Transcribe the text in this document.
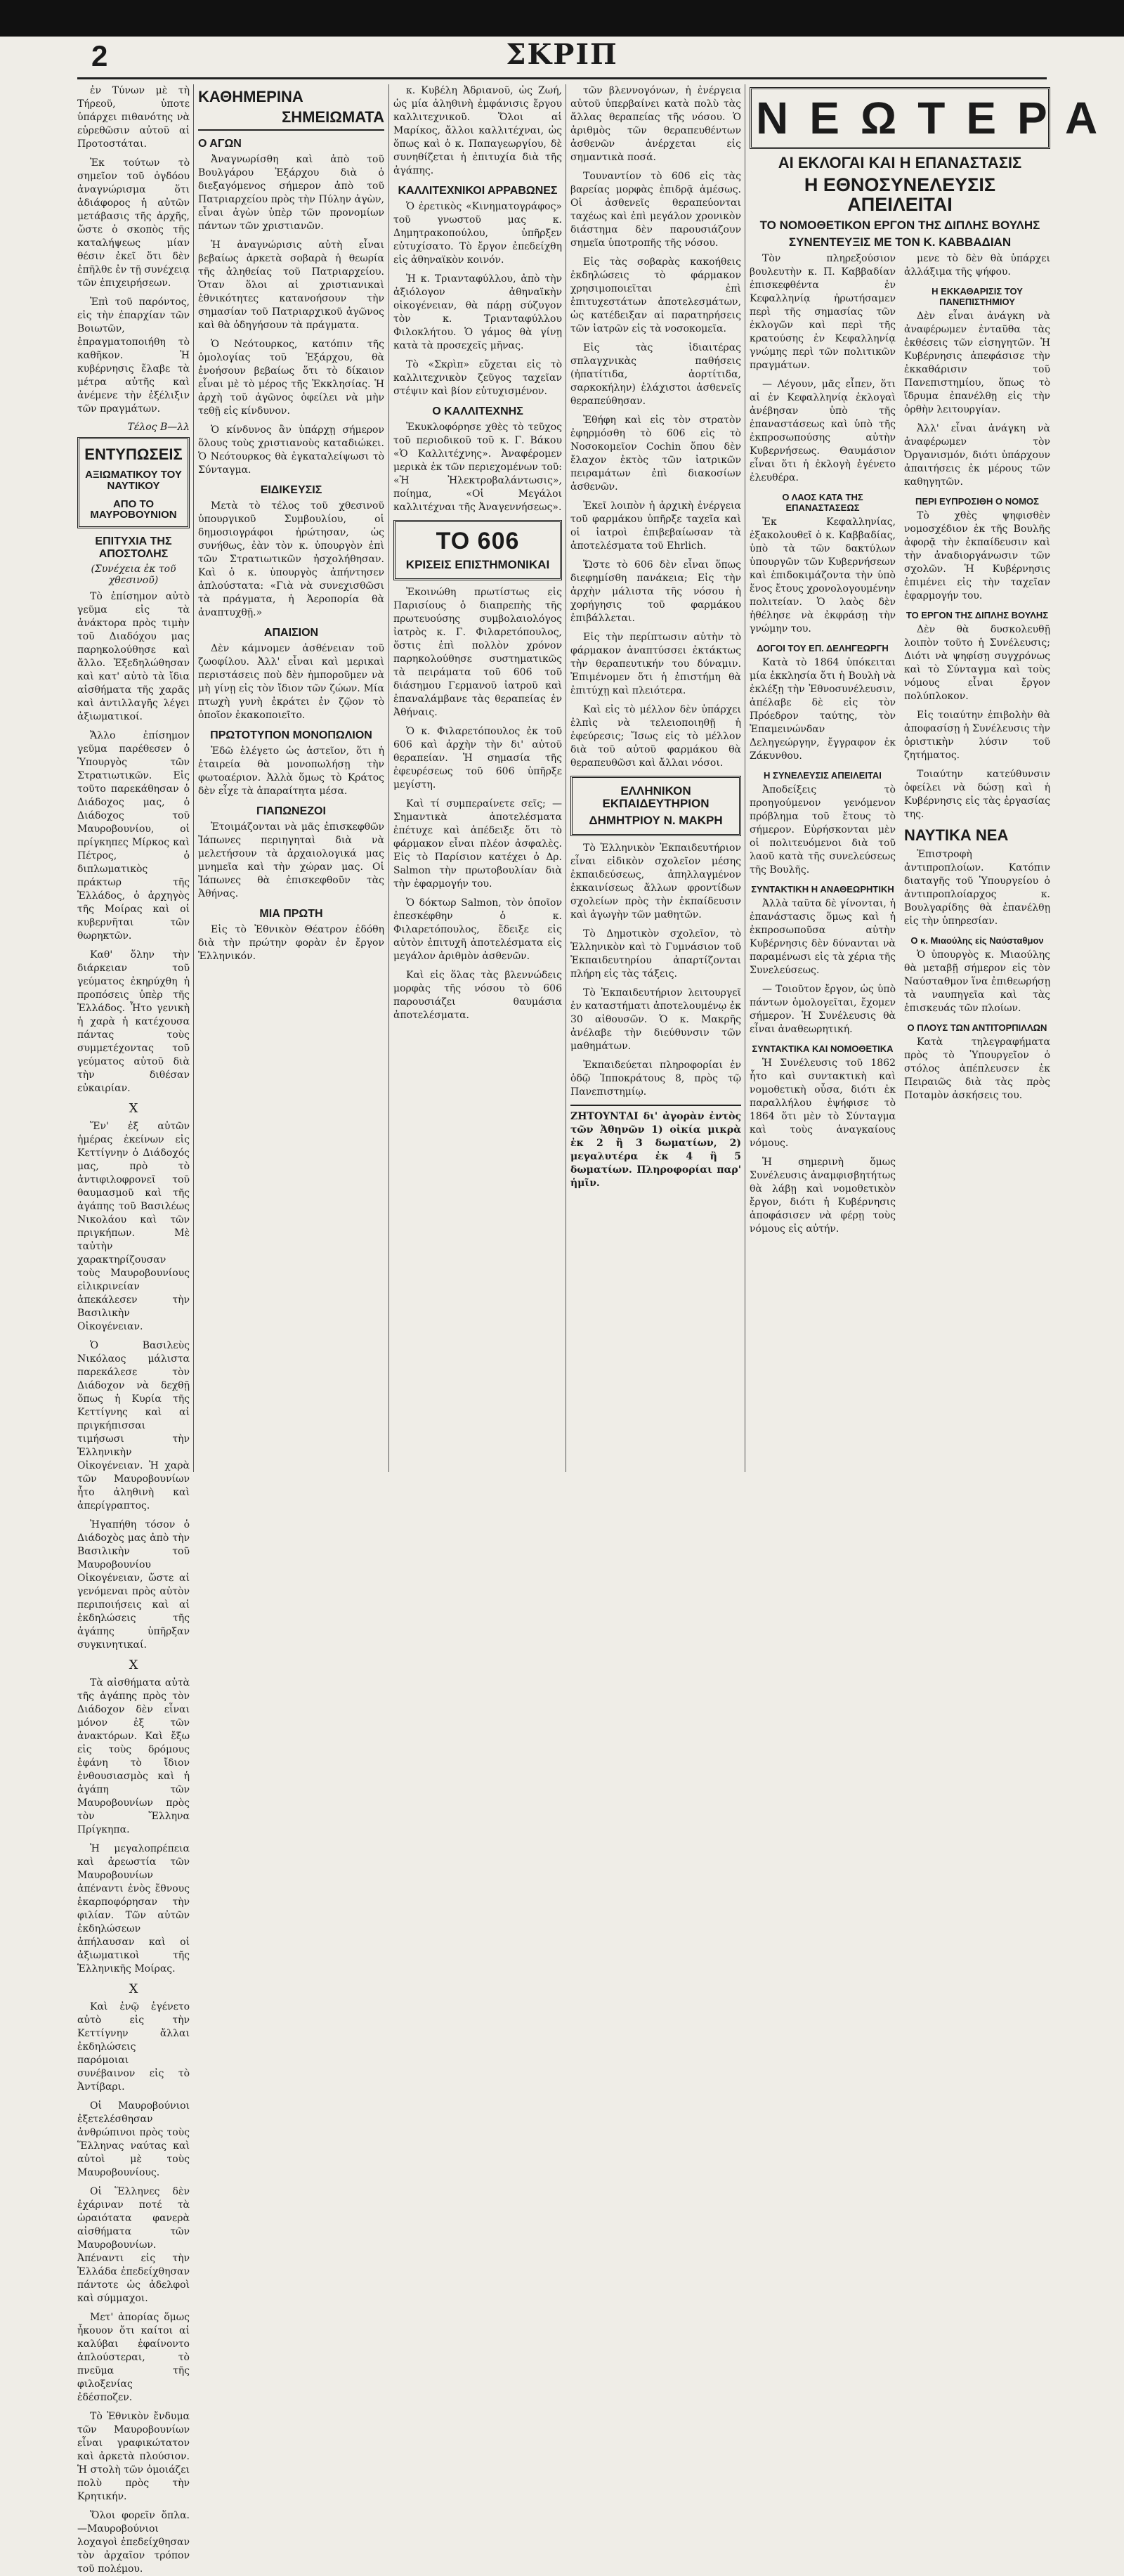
2	ΣΚΡΙΠ

ἐν Τύνων μὲ τὴ Τήρεοῦ, ὑποτε ὑπάρχει πιθανότης νὰ εὑρεθῶσιν αὐτοῦ αἱ Προτοστάται.

Ἐκ τούτων τὸ σημεῖον τοῦ ὀγδόου ἀναγνώρισμα ὅτι ἀδιάφορος ἡ αὐτῶν μετάβασις τῆς ἀρχῆς, ὥστε ὁ σκοπὸς τῆς καταλήψεως μίαν θέσιν ἐκεῖ ὅτι δὲν ἐπῆλθε ἐν τῇ συνέχειᾳ τῶν ἐπιχειρήσεων.

Ἐπὶ τοῦ παρόντος, εἰς τὴν ἐπαρχίαν τῶν Βοιωτῶν, ἐπραγματοποιήθη τὸ καθῆκον. Ἡ κυβέρνησις ἔλαβε τὰ μέτρα αὐτῆς καὶ ἀνέμενε τὴν ἐξέλιξιν τῶν πραγμάτων.

Τέλος Β—λλ
ΕΝΤΥΠΩΣΕΙΣ
ΑΞΙΩΜΑΤΙΚΟΥ ΤΟΥ ΝΑΥΤΙΚΟΥ
ΑΠΟ ΤΟ ΜΑΥΡΟΒΟΥΝΙΟΝ
ΕΠΙΤΥΧΙΑ ΤΗΣ ΑΠΟΣΤΟΛΗΣ
(Συνέχεια ἐκ τοῦ χθεσινοῦ)

Τὸ ἐπίσημον αὐτὸ γεῦμα εἰς τὰ ἀνάκτορα πρὸς τιμὴν τοῦ Διαδόχου μας παρηκολούθησε καὶ ἄλλο. Ἐξεδηλώθησαν καὶ κατ' αὐτὸ τὰ ἴδια αἰσθήματα τῆς χαρᾶς καὶ ἀντιλλαγῆς λέγει ἀξιωματικοί.

Ἄλλο ἐπίσημον γεῦμα παρέθεσεν ὁ Ὑπουργὸς τῶν Στρατιωτικῶν. Εἰς τοῦτο παρεκάθησαν ὁ Διάδοχος μας, ὁ Διάδοχος τοῦ Μαυροβουνίου, οἱ πρίγκηπες Μίρκος καὶ Πέτρος, ὁ διπλωματικὸς πράκτωρ τῆς Ἑλλάδος, ὁ ἀρχηγὸς τῆς Μοίρας καὶ οἱ κυβερνῆται τῶν θωρηκτῶν.

Καθ' ὅλην τὴν διάρκειαν τοῦ γεύματος ἐκηρύχθη ἡ προπόσεις ὑπὲρ τῆς Ἑλλάδος. Ἦτο γενικὴ ἡ χαρὰ ἡ κατέχουσα πάντας τοὺς συμμετέχοντας τοῦ γεύματος αὐτοῦ διὰ τὴν διθέσαν εὐκαιρίαν.

X

Ἕν' ἐξ αὐτῶν ἡμέρας ἐκείνων εἰς Κεττίγνην ὁ Διάδοχός μας, πρὸ τὸ ἀντιφιλοφρονεῖ τοῦ θαυμασμοῦ καὶ τῆς ἀγάπης τοῦ Βασιλέως Νικολάου καὶ τῶν πριγκήπων. Μὲ ταὐτὴν χαρακτηρίζουσαν τοὺς Μαυροβουνίους εἰλικρινείαν ἀπεκάλεσεν τὴν Βασιλικὴν Οἰκογένειαν.

Ὁ Βασιλεὺς Νικόλαος μάλιστα παρεκάλεσε τὸν Διάδοχον νὰ δεχθῇ ὅπως ἡ Κυρία τῆς Κεττίγνης καὶ αἱ πριγκήπισσαι τιμήσωσι τὴν Ἑλληνικὴν Οἰκογένειαν. Ἡ χαρὰ τῶν Μαυροβουνίων ἦτο ἀληθινὴ καὶ ἀπερίγραπτος.

Ἠγαπήθη τόσον ὁ Διάδοχὸς μας ἀπὸ τὴν Βασιλικὴν τοῦ Μαυροβουνίου Οἰκογένειαν, ὥστε αἱ γενόμεναι πρὸς αὐτὸν περιποιήσεις καὶ αἱ ἐκδηλώσεις τῆς ἀγάπης ὑπῆρξαν συγκινητικαί.

X

Τὰ αἰσθήματα αὐτὰ τῆς ἀγάπης πρὸς τὸν Διάδοχον δὲν εἶναι μόνον ἐξ τῶν ἀνακτόρων. Καὶ ἔξω εἰς τοὺς δρόμους ἐφάνη τὸ ἴδιον ἐνθουσιασμὸς καὶ ἡ ἀγάπη τῶν Μαυροβουνίων πρὸς τὸν Ἕλληνα Πρίγκηπα.

Ἡ μεγαλοπρέπεια καὶ ἀρεωστία τῶν Μαυροβουνίων ἀπέναντι ἐνὸς ἔθνους ἐκαρποφόρησαν τὴν φιλίαν. Τῶν αὐτῶν ἐκδηλώσεων ἀπήλαυσαν καὶ οἱ ἀξιωματικοὶ τῆς Ἑλληνικῆς Μοίρας.

X

Καὶ ἐνῷ ἐγένετο αὐτὸ εἰς τὴν Κεττίγνην ἄλλαι ἐκδηλώσεις παρόμοιαι συνέβαινον εἰς τὸ Ἀντίβαρι.

Οἱ Μαυροβούνιοι ἐξετελέσθησαν ἀνθρώπινοι πρὸς τοὺς Ἕλληνας ναύτας καὶ αὐτοὶ μὲ τοὺς Μαυροβουνίους.

Οἱ Ἕλληνες δὲν ἐχάριναν ποτέ τὰ ὡραιότατα φανερὰ αἰσθήματα τῶν Μαυροβουνίων. Ἀπέναντι εἰς τὴν Ἑλλάδα ἐπεδείχθησαν πάντοτε ὡς ἀδελφοὶ καὶ σύμμαχοι.

Μετ' ἀπορίας ὅμως ἦκουον ὅτι καίτοι αἱ καλύβαι ἐφαίνοντο ἀπλούστεραι, τὸ πνεῦμα τῆς φιλοξενίας ἐδέσποζεν.

Τὸ Ἐθνικὸν ἔνδυμα τῶν Μαυροβουνίων εἶναι γραφικώτατον καὶ ἀρκετὰ πλούσιον. Ἡ στολὴ τῶν ὁμοιάζει πολὺ πρὸς τὴν Κρητικήν.

Ὅλοι φορεῖν ὅπλα.—Μαυροβούνιοι λοχαγοὶ ἐπεδείχθησαν τὸν ἀρχαῖον τρόπον τοῦ πολέμου.

ΚΑΘΗΜΕΡΙΝΑ
ΣΗΜΕΙΩΜΑΤΑ
Ο ΑΓΩΝ

Ἀναγνωρίσθη καὶ ἀπὸ τοῦ Βουλγάρου Ἐξάρχου διὰ ὁ διεξαγόμενος σήμερον ἀπὸ τοῦ Πατριαρχείου πρὸς τὴν Πύλην ἀγὼν, εἶναι ἀγὼν ὑπὲρ τῶν προνομίων πάντων τῶν χριστιανῶν.

Ἡ ἀναγνώρισις αὐτὴ εἶναι βεβαίως ἀρκετὰ σοβαρὰ ἡ θεωρία τῆς ἀληθείας τοῦ Πατριαρχείου. Ὁταν ὅλοι αἱ χριστιανικαὶ ἐθνικότητες κατανοήσουν τὴν σημασίαν τοῦ Πατριαρχικοῦ ἀγῶνος καὶ θὰ ὁδηγήσουν τὰ πράγματα.

Ὁ Νεότουρκος, κατόπιν τῆς ὁμολογίας τοῦ Ἐξάρχου, θὰ ἐνοήσουν βεβαίως ὅτι τὸ δίκαιον εἶναι μὲ τὸ μέρος τῆς Ἐκκλησίας. Ἡ ἀρχὴ τοῦ ἀγῶνος ὀφείλει νὰ μὴν τεθῇ εἰς κίνδυνον.

Ὁ κίνδυνος ἂν ὑπάρχῃ σήμερον ὅλους τοὺς χριστιανοὺς καταδιώκει. Ὁ Νεότουρκος θὰ ἐγκαταλείψωσι τὸ Σύνταγμα.

ΕΙΔΙΚΕΥΣΙΣ

Μετὰ τὸ τέλος τοῦ χθεσινοῦ ὑπουργικοῦ Συμβουλίου, οἱ δημοσιογράφοι ἠρώτησαν, ὡς συνήθως, ἐὰν τὸν κ. ὑπουργὸν ἐπὶ τῶν Στρατιωτικῶν ἠσχολήθησαν. Καὶ ὁ κ. ὑπουργὸς ἀπήντησεν ἀπλούστατα: «Γιὰ νὰ συνεχισθῶσι τὰ πράγματα, ἡ Ἀεροπορία θὰ ἀναπτυχθῇ.»

ΑΠΑΙΣΙΟΝ

Δὲν κάμνομεν ἀσθένειαν τοῦ ζωοφίλου. Ἀλλ' εἶναι καὶ μερικαὶ περιστάσεις ποὺ δὲν ἠμποροῦμεν νὰ μὴ γίνῃ εἰς τὸν ἴδιον τῶν ζώων. Μία πτωχὴ γυνὴ ἐκράτει ἐν ζῷον τὸ ὁποῖον ἐκακοποιεῖτο.

ΠΡΩΤΟΤΥΠΟΝ ΜΟΝΟΠΩΛΙΟΝ

Ἐδῶ ἐλέγετο ὡς ἀστεῖον, ὅτι ἡ ἐταιρεία θὰ μονοπωλήσῃ τὴν φωτοαέριον. Ἀλλὰ ὅμως τὸ Κράτος δὲν εἶχε τὰ ἀπαραίτητα μέσα.

ΓΙΑΠΩΝΕΖΟΙ

Ἑτοιμάζονται νὰ μᾶς ἐπισκεφθῶν Ἰάπωνες περιηγηταὶ διὰ νὰ μελετήσουν τὰ ἀρχαιολογικά μας μνημεῖα καὶ τὴν χώραν μας. Οἱ Ἰάπωνες θὰ ἐπισκεφθοῦν τὰς Ἀθήνας.

ΜΙΑ ΠΡΩΤΗ

Εἰς τὸ Ἐθνικὸν Θέατρον ἐδόθη διὰ τὴν πρώτην φορὰν ἐν ἔργον Ἑλληνικόν.

κ. Κυβέλη Ἀδριανοῦ, ὡς Ζωή, ὡς μία ἀληθινὴ ἐμφάνισις ἔργου καλλιτεχνικοῦ. Ὅλοι αἱ Μαρίκος, ἄλλοι καλλιτέχναι, ὡς ὅπως καὶ ὁ κ. Παπαγεωργίου, δὲ συνηθίζεται ἡ ἐπιτυχία διὰ τῆς ἀγάπης.

ΚΑΛΛΙΤΕΧΝΙΚΟΙ ΑΡΡΑΒΩΝΕΣ

Ὁ ἐρετικὸς «Κινηματογράφος» τοῦ γνωστοῦ μας κ. Δημητρακοπούλου, ὑπῆρξεν εὐτυχίσατο. Τὸ ἔργον ἐπεδείχθη εἰς ἀθηναϊκὸν κοινόν.

Ἡ κ. Τριανταφύλλου, ἀπὸ τὴν ἀξιόλογον ἀθηναϊκὴν οἰκογένειαν, θὰ πάρῃ σύζυγον τὸν κ. Τριανταφύλλου Φιλοκλήτου. Ὁ γάμος θὰ γίνῃ κατὰ τὰ προσεχεῖς μῆνας.

Τὸ «Σκρὶπ» εὔχεται εἰς τὸ καλλιτεχνικὸν ζεῦγος ταχεῖαν στέψιν καὶ βίον εὐτυχισμένον.

Ο ΚΑΛΛΙΤΕΧΝΗΣ

Ἐκυκλοφόρησε χθὲς τὸ τεῦχος τοῦ περιοδικοῦ τοῦ κ. Γ. Βάκου «Ὁ Καλλιτέχνης». Ἀναφέρομεν μερικὰ ἐκ τῶν περιεχομένων τοῦ: «Ἡ Ἠλεκτροβαλάντωσις», ποίημα, «Οἱ Μεγάλοι καλλιτέχναι τῆς Ἀναγεννήσεως».

ΤΟ 606
ΚΡΙΣΕΙΣ ΕΠΙΣΤΗΜΟΝΙΚΑΙ

Ἐκοινώθη πρωτίστως εἰς Παρισίους ὁ διαπρεπὴς τῆς πρωτευούσης συμβολαιολόγος ἰατρὸς κ. Γ. Φιλαρετόπουλος, ὅστις ἐπὶ πολλὸν χρόνον παρηκολούθησε συστηματικῶς τὰ πειράματα τοῦ 606 τοῦ διάσημου Γερμανοῦ ἰατροῦ καὶ ἐπαναλάμβανε τὰς θεραπείας ἐν Ἀθήναις.

Ὁ κ. Φιλαρετόπουλος ἐκ τοῦ 606 καὶ ἀρχὴν τὴν δι' αὐτοῦ θεραπείαν. Ἡ σημασία τῆς ἐφευρέσεως τοῦ 606 ὑπῆρξε μεγίστη.

Καὶ τί συμπεραίνετε σεῖς; — Σημαντικὰ ἀποτελέσματα ἐπέτυχε καὶ ἀπέδειξε ὅτι τὸ φάρμακον εἶναι πλέον ἀσφαλὲς. Εἰς τὸ Παρίσιον κατέχει ὁ Δρ. Salmon τὴν πρωτοβουλίαν διὰ τὴν ἐφαρμογήν του.

Ὁ δόκτωρ Salmon, τὸν ὁποῖον ἐπεσκέφθην ὁ κ. Φιλαρετόπουλος, ἔδειξε εἰς αὐτὸν ἐπιτυχῆ ἀποτελέσματα εἰς μεγάλον ἀριθμὸν ἀσθενῶν.

Καὶ εἰς ὅλας τὰς βλεννώδεις μορφὰς τῆς νόσου τὸ 606 παρουσιάζει θαυμάσια ἀποτελέσματα.

τῶν βλεννογόνων, ἡ ἐνέργεια αὐτοῦ ὑπερβαίνει κατὰ πολὺ τὰς ἄλλας θεραπείας τῆς νόσου. Ὁ ἀριθμὸς τῶν θεραπευθέντων ἀσθενῶν ἀνέρχεται εἰς σημαντικὰ ποσά.

Τουναντίον τὸ 606 εἰς τὰς βαρείας μορφὰς ἐπιδρᾷ ἀμέσως. Οἱ ἀσθενεῖς θεραπεύονται ταχέως καὶ ἐπὶ μεγάλον χρονικὸν διάστημα δὲν παρουσιάζουν σημεῖα ὑποτροπῆς τῆς νόσου.

Εἰς τὰς σοβαρὰς κακοήθεις ἐκδηλώσεις τὸ φάρμακον χρησιμοποιεῖται ἐπὶ ἐπιτυχεστάτων ἀποτελεσμάτων, ὡς κατέδειξαν αἱ παρατηρήσεις τῶν ἰατρῶν εἰς τὰ νοσοκομεῖα.

Εἰς τὰς ἰδιαιτέρας σπλαγχνικὰς παθήσεις (ἠπατίτιδα, ἀορτίτιδα, σαρκοκήλην) ἐλάχιστοι ἀσθενεῖς θεραπεύθησαν.

Ἐθήφη καὶ εἰς τὸν στρατὸν ἐφηρμόσθη τὸ 606 εἰς τὸ Νοσοκομεῖον Cochin ὅπου δὲν ἔλαχον ἐκτὸς τῶν ἰατρικῶν πειραμάτων ἐπὶ διακοσίων ἀσθενῶν.

Ἐκεῖ λοιπὸν ἡ ἀρχικὴ ἐνέργεια τοῦ φαρμάκου ὑπῆρξε ταχεῖα καὶ οἱ ἰατροὶ ἐπιβεβαίωσαν τὰ ἀποτελέσματα τοῦ Ehrlich.

Ὥστε τὸ 606 δὲν εἶναι ὅπως διεφημίσθη πανάκεια; Εἰς τὴν ἀρχὴν μάλιστα τῆς νόσου ἡ χορήγησις τοῦ φαρμάκου ἐπιβάλλεται.

Εἰς τὴν περίπτωσιν αὐτὴν τὸ φάρμακον ἀναπτύσσει ἐκτάκτως τὴν θεραπευτικήν του δύναμιν. Ἐπιμένομεν ὅτι ἡ ἐπιστήμη θὰ ἐπιτύχῃ καὶ πλειότερα.

Καὶ εἰς τὸ μέλλον δὲν ὑπάρχει ἐλπὶς νὰ τελειοποιηθῇ ἡ ἐφεύρεσις; Ἴσως εἰς τὸ μέλλον διὰ τοῦ αὐτοῦ φαρμάκου θὰ θεραπευθῶσι καὶ ἄλλαι νόσοι.

ΕΛΛΗΝΙΚΟΝ ΕΚΠΑΙΔΕΥΤΗΡΙΟΝ
ΔΗΜΗΤΡΙΟΥ Ν. ΜΑΚΡΗ

Τὸ Ἑλληνικὸν Ἐκπαιδευτήριον εἶναι εἰδικὸν σχολεῖον μέσης ἐκπαιδεύσεως, ἀπηλλαγμένον ἐκκαινίσεως ἄλλων φροντίδων σχολείων πρὸς τὴν ἐκπαίδευσιν καὶ ἀγωγὴν τῶν μαθητῶν.

Τὸ Δημοτικὸν σχολεῖον, τὸ Ἑλληνικὸν καὶ τὸ Γυμνάσιον τοῦ Ἐκπαιδευτηρίου ἀπαρτίζονται πλήρη εἰς τὰς τάξεις.

Τὸ Ἐκπαιδευτήριον λειτουργεῖ ἐν καταστήματι ἀποτελουμένῳ ἐκ 30 αἰθουσῶν. Ὁ κ. Μακρῆς ἀνέλαβε τὴν διεύθυνσιν τῶν μαθημάτων.

Ἐκπαιδεύεται πληροφορίαι ἐν ὁδῷ Ἱπποκράτους 8, πρὸς τῷ Πανεπιστημίῳ.

ΖΗΤΟΥΝΤΑΙ δι' ἀγορὰν ἐντὸς τῶν Ἀθηνῶν 1) οἰκία μικρὰ ἐκ 2 ἢ 3 δωματίων, 2) μεγαλυτέρα ἐκ 4 ἢ 5 δωματίων. Πληροφορίαι παρ' ἡμῖν.

ΝΕΩΤΕΡΑ
ΑΙ ΕΚΛΟΓΑΙ ΚΑΙ Η ΕΠΑΝΑΣΤΑΣΙΣ
Η ΕΘΝΟΣΥΝΕΛΕΥΣΙΣ ΑΠΕΙΛΕΙΤΑΙ
ΤΟ ΝΟΜΟΘΕΤΙΚΟΝ ΕΡΓΟΝ ΤΗΣ ΔΙΠΛΗΣ ΒΟΥΛΗΣ
ΣΥΝΕΝΤΕΥΞΙΣ ΜΕ ΤΟΝ Κ. ΚΑΒΒΑΔΙΑΝ

Τὸν πληρεξούσιον βουλευτὴν κ. Π. Καββαδίαν ἐπισκεφθέντα ἐν Κεφαλληνίᾳ ἠρωτήσαμεν περὶ τῆς σημασίας τῶν ἐκλογῶν καὶ περὶ τῆς κρατούσης ἐν Κεφαλληνίᾳ γνώμης περὶ τῶν πολιτικῶν πραγμάτων.

— Λέγουν, μᾶς εἶπεν, ὅτι αἱ ἐν Κεφαλληνίᾳ ἐκλογαὶ ἀνέβησαν ὑπὸ τῆς ἐπαναστάσεως καὶ ὑπὸ τῆς ἐκπροσωπούσης αὐτὴν Κυβερνήσεως. Θαυμάσιον εἶναι ὅτι ἡ ἐκλογὴ ἐγένετο ἐλευθέρα.

Ο ΛΑΟΣ ΚΑΤΑ ΤΗΣ ΕΠΑΝΑΣΤΑΣΕΩΣ

Ἐκ Κεφαλληνίας, ἐξακολουθεῖ ὁ κ. Καββαδίας, ὑπὸ τὰ τῶν δακτύλων ὑπουργῶν τῶν Κυβερνήσεων καὶ ἐπιδοκιμάζοντα τὴν ὑπὸ ἕνος ἔτους χρονολογουμένην πολιτείαν. Ὁ λαὸς δὲν ἠθέλησε νὰ ἐκφράσῃ τὴν γνώμην του.

ΔΟΓΟΙ ΤΟΥ ΕΠ. ΔΕΛΗΓΕΩΡΓΗ

Κατὰ τὸ 1864 ὑπόκειται μία ἐκκλησία ὅτι ἡ Βουλὴ νὰ ἐκλέξῃ τὴν Ἐθνοσυνέλευσιν, ἀπέλαβε δὲ εἰς τὸν Πρόεδρον ταύτης, τὸν Ἐπαμεινώνδαν Δεληγεώργην, ἔγγραφον ἐκ Ζάκυνθου.

Η ΣΥΝΕΛΕΥΣΙΣ ΑΠΕΙΛΕΙΤΑΙ

Ἀποδείξεις τὸ προηγούμενον γενόμενον πρόβλημα τοῦ ἔτους τὸ σήμερον. Εὑρήσκονται μὲν οἱ πολιτευόμενοι διὰ τοῦ λαοῦ κατὰ τῆς συνελεύσεως τῆς Βουλῆς.

ΣΥΝΤΑΚΤΙΚΗ Η ΑΝΑΘΕΩΡΗΤΙΚΗ

Ἀλλὰ ταῦτα δὲ γίνονται, ἡ ἐπανάστασις ὅμως καὶ ἡ ἐκπροσωποῦσα αὐτὴν Κυβέρνησις δὲν δύνανται νὰ παραμένωσι εἰς τὰ χέρια τῆς Συνελεύσεως.

— Τοιοῦτον ἔργον, ὡς ὑπὸ πάντων ὁμολογεῖται, ἔχομεν σήμερον. Ἡ Συνέλευσις θὰ εἶναι ἀναθεωρητική.

ΣΥΝΤΑΚΤΙΚΑ ΚΑΙ ΝΟΜΟΘΕΤΙΚΑ

Ἡ Συνέλευσις τοῦ 1862 ἦτο καὶ συντακτικὴ καὶ νομοθετικὴ οὖσα, διότι ἐκ παραλλήλου ἐψήφισε τὸ 1864 ὅτι μὲν τὸ Σύνταγμα καὶ τοὺς ἀναγκαίους νόμους.

Ἡ σημερινὴ ὅμως Συνέλευσις ἀναμφισβητήτως θὰ λάβῃ καὶ νομοθετικὸν ἔργον, διότι ἡ Κυβέρνησις ἀποφάσισεν νὰ φέρῃ τοὺς νόμους εἰς αὐτήν.

μενε τὸ δὲν θὰ ὑπάρχει ἀλλάξιμα τῆς ψήφου.

Η ΕΚΚΑΘΑΡΙΣΙΣ ΤΟΥ ΠΑΝΕΠΙΣΤΗΜΙΟΥ

Δὲν εἶναι ἀνάγκη νὰ ἀναφέρωμεν ἐνταῦθα τὰς ἐκθέσεις τῶν εἰσηγητῶν. Ἡ Κυβέρνησις ἀπεφάσισε τὴν ἐκκαθάρισιν τοῦ Πανεπιστημίου, ὅπως τὸ ἵδρυμα ἐπανέλθῃ εἰς τὴν ὀρθὴν λειτουργίαν.

Ἀλλ' εἶναι ἀνάγκη νὰ ἀναφέρωμεν τὸν Ὀργανισμόν, διότι ὑπάρχουν ἀπαιτήσεις ἐκ μέρους τῶν καθηγητῶν.

ΠΕΡΙ ΕΥΠΡΟΣΙΘΗ Ο ΝΟΜΟΣ

Τὸ χθὲς ψηφισθὲν νομοσχέδιον ἐκ τῆς Βουλῆς ἀφορᾷ τὴν ἐκπαίδευσιν καὶ τὴν ἀναδιοργάνωσιν τῶν σχολῶν. Ἡ Κυβέρνησις ἐπιμένει εἰς τὴν ταχεῖαν ἐφαρμογήν του.

ΤΟ ΕΡΓΟΝ ΤΗΣ ΔΙΠΛΗΣ ΒΟΥΛΗΣ

Δὲν θὰ δυσκολευθῇ λοιπὸν τοῦτο ἡ Συνέλευσις; Διότι νὰ ψηφίσῃ συγχρόνως καὶ τὸ Σύνταγμα καὶ τοὺς νόμους εἶναι ἔργον πολύπλοκον.

Εἰς τοιαύτην ἐπιβολὴν θὰ ἀποφασίσῃ ἡ Συνέλευσις τὴν ὁριστικὴν λύσιν τοῦ ζητήματος.

Τοιαύτην κατεύθυνσιν ὀφείλει νὰ δώσῃ καὶ ἡ Κυβέρνησις εἰς τὰς ἐργασίας της.

ΝΑΥΤΙΚΑ ΝΕΑ

Ἐπιστροφὴ ἀντιπροπλοίων. Κατόπιν διαταγῆς τοῦ Ὑπουργείου ὁ ἀντιπροπλοίαρχος κ. Βουλγαρίδης θὰ ἐπανέλθῃ εἰς τὴν ὑπηρεσίαν.

Ο κ. Μιαούλης εἰς Ναύσταθμον

Ὁ ὑπουργὸς κ. Μιαούλης θὰ μεταβῇ σήμερον εἰς τὸν Ναύσταθμον ἵνα ἐπιθεωρήσῃ τὰ ναυπηγεῖα καὶ τὰς ἐπισκευάς τῶν πλοίων.

Ο ΠΛΟΥΣ ΤΩΝ ΑΝΤΙΤΟΡΠΙΛΛΩΝ

Κατὰ τηλεγραφήματα πρὸς τὸ Ὑπουργεῖον ὁ στόλος ἀπέπλευσεν ἐκ Πειραιῶς διὰ τὰς πρὸς Ποταμὸν ἀσκήσεις του.
